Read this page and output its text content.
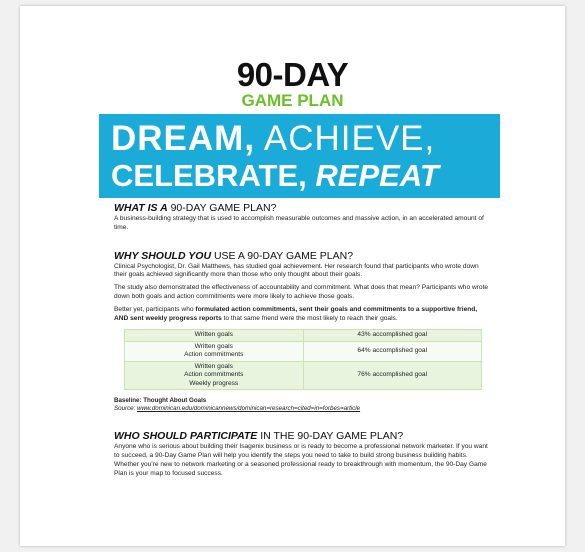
90-DAY
GAME PLAN
DREAM, ACHIEVE,
CELEBRATE, REPEAT
WHAT IS A 90-DAY GAME PLAN?

A business-building strategy that is used to accomplish measurable outcomes and massive action, in an accelerated amount of time.

WHY SHOULD YOU USE A 90-DAY GAME PLAN?

Clinical Psychologist, Dr. Gail Matthews, has studied goal achievement. Her research found that participants who wrote down their goals achieved significantly more than those who only thought about their goals.

The study also demonstrated the effectiveness of accountability and commitment. What does that mean? Participants who wrote down both goals and action commitments were more likely to achieve those goals.

Better yet, participants who formulated action commitments, sent their goals and commitments to a supportive friend, AND sent weekly progress reports to that same friend were the most likely to reach their goals.

Written goals	43% accomplished goal

Written goals
Action commitments	64% accomplished goal

Written goals
Action commitments
Weekly progress	76% accomplished goal

Baseline: Thought About Goals

Source: www.dominican.edu/dominicannews/dominican=research=cited=in=forbes=article

WHO SHOULD PARTICIPATE IN THE 90-DAY GAME PLAN?

Anyone who is serious about building their Isagenix business or is ready to become a professional network marketer. If you want to succeed, a 90-Day Game Plan will help you identify the steps you need to take to build strong business building habits. Whether you're new to network marketing or a seasoned professional ready to breakthrough with momentum, the 90-Day Game Plan is your map to focused success.
